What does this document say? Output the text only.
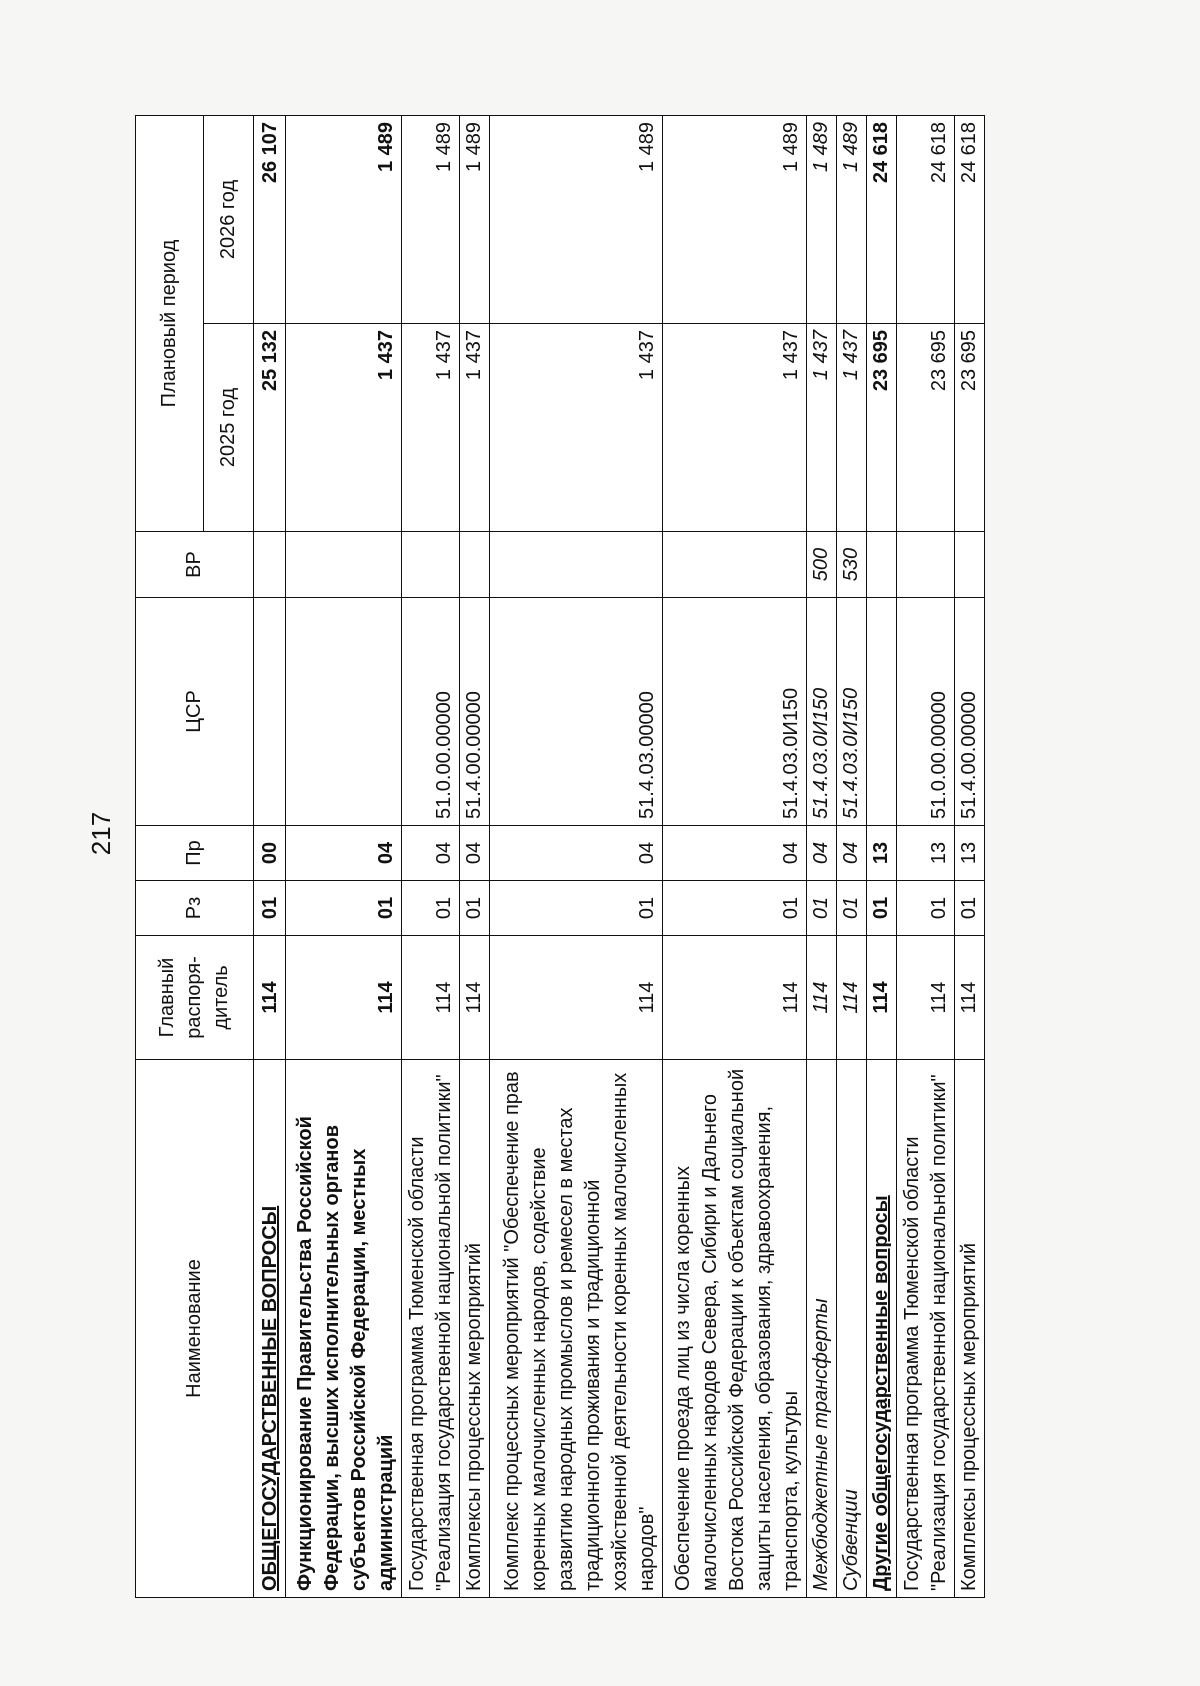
217
Наименование	Главный распоря-дитель	Рз	Пр	ЦСР	ВР	Плановый период	
						2025 год	2026 год
ОБЩЕГОСУДАРСТВЕННЫЕ ВОПРОСЫ	114	01	00			25 132	26 107
Функционирование Правительства Российской Федерации, высших исполнительных органов субъектов Российской Федерации, местных администраций	114	01	04			1 437	1 489
Государственная программа Тюменской области "Реализация государственной национальной политики"	114	01	04	51.0.00.00000		1 437	1 489
Комплексы процессных мероприятий	114	01	04	51.4.00.00000		1 437	1 489
Комплекс процессных мероприятий "Обеспечение прав коренных малочисленных народов, содействие развитию народных промыслов и ремесел в местах традиционного проживания и традиционной хозяйственной деятельности коренных малочисленных народов"	114	01	04	51.4.03.00000		1 437	1 489
Обеспечение проезда лиц из числа коренных малочисленных народов Севера, Сибири и Дальнего Востока Российской Федерации к объектам социальной защиты населения, образования, здравоохранения, транспорта, культуры	114	01	04	51.4.03.0И150		1 437	1 489
Межбюджетные трансферты	114	01	04	51.4.03.0И150	500	1 437	1 489
Субвенции	114	01	04	51.4.03.0И150	530	1 437	1 489
Другие общегосударственные вопросы	114	01	13			23 695	24 618
Государственная программа Тюменской области "Реализация государственной национальной политики"	114	01	13	51.0.00.00000		23 695	24 618
Комплексы процессных мероприятий	114	01	13	51.4.00.00000		23 695	24 618
